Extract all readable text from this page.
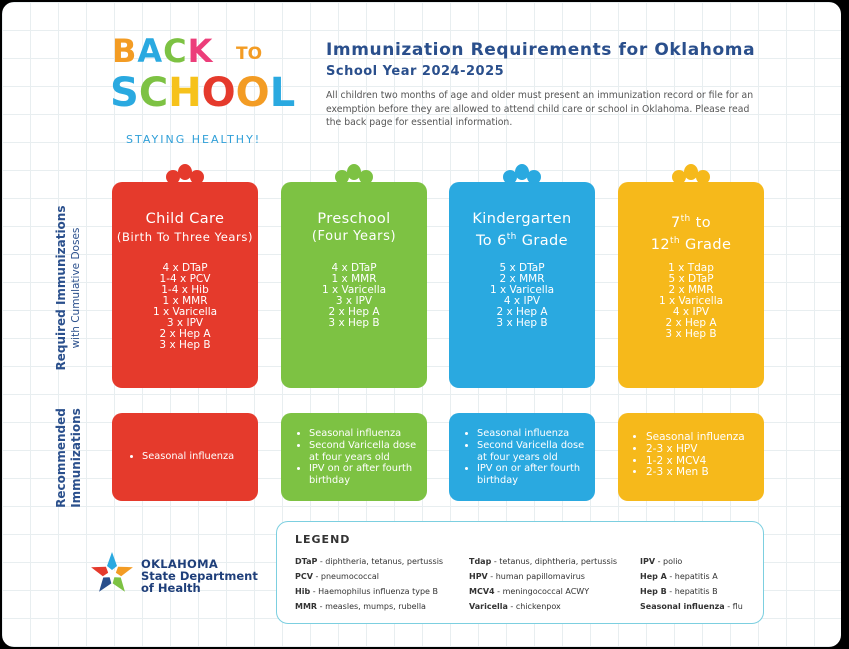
BACK TO
SCHOOL
STAYING HEALTHY!
Immunization Requirements for Oklahoma
School Year 2024-2025
All children two months of age and older must present an immunization record or file for an exemption before they are allowed to attend child care or school in Oklahoma. Please read the back page for essential information.
Required Immunizations with Cumulative Doses
Recommended Immunizations
Child Care
(Birth To Three Years)
4 x DTaP
1-4 x PCV
1-4 x Hib
1 x MMR
1 x Varicella
3 x IPV
2 x Hep A
3 x Hep B
Preschool
(Four Years)
4 x DTaP
1 x MMR
1 x Varicella
3 x IPV
2 x Hep A
3 x Hep B
Kindergarten
To 6th Grade
5 x DTaP
2 x MMR
1 x Varicella
4 x IPV
2 x Hep A
3 x Hep B
7th to
12th Grade
1 x Tdap
5 x DTaP
2 x MMR
1 x Varicella
4 x IPV
2 x Hep A
3 x Hep B
• Seasonal influenza
• Seasonal influenza
• Second Varicella dose at four years old
• IPV on or after fourth birthday
• Seasonal influenza
• Second Varicella dose at four years old
• IPV on or after fourth birthday
• Seasonal influenza
• 2-3 x HPV
• 1-2 x MCV4
• 2-3 x Men B
OKLAHOMA
State Department
of Health
LEGEND
DTaP - diphtheria, tetanus, pertussis
PCV - pneumococcal
Hib - Haemophilus influenza type B
MMR - measles, mumps, rubella
Tdap - tetanus, diphtheria, pertussis
HPV - human papillomavirus
MCV4 - meningococcal ACWY
Varicella - chickenpox
IPV - polio
Hep A - hepatitis A
Hep B - hepatitis B
Seasonal influenza - flu
